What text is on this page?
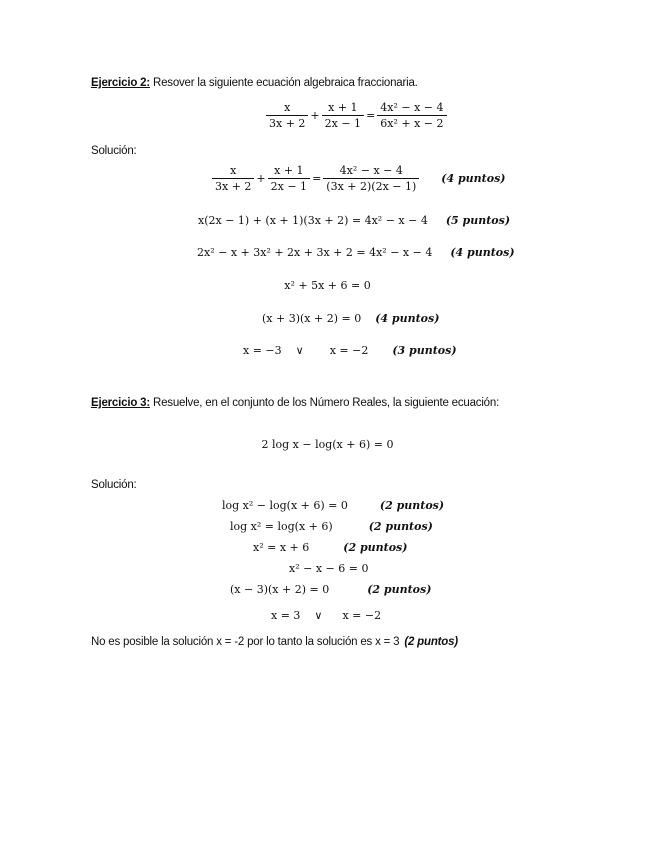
Ejercicio 2: Resover la siguiente ecuación algebraica fraccionaria.
$\frac{x}{3x + 2} + \frac{x + 1}{2x - 1} = \frac{\text{4x² − x − 4}}{\text{6x² + x − 2}}$
Solución:
$\frac{x}{3x + 2} + \frac{x + 1}{2x - 1} = \frac{\text{4x² − x − 4}}{(3x + 2)(2x - 1)} (4$ puntos)
x(2x − 1) + (x + 1)(3x + 2) = 4x² − x − 4 (5 puntos)
2x² − x + 3x² + 2x + 3x + 2 = 4x² − x − 4 (4 puntos)
x² + 5x + 6 = 0
(x + 3)(x + 2) = 0 (4 puntos)
x = −3 ∨ x = −2 (3 puntos)
Ejercicio 3: Resuelve, en el conjunto de los Número Reales, la siguiente ecuación:
2 log x − log(x + 6) = 0
Solución:
log x² − log(x + 6) = 0	(2 puntos)
log x² = log(x + 6)	(2 puntos)
x² = x + 6	(2 puntos)
x² − x − 6 = 0
(x − 3)(x + 2) = 0	(2 puntos)
x = 3 ∨ x = −2
No es posible la solución x = -2 por lo tanto la solución es x = 3 (2 puntos)
